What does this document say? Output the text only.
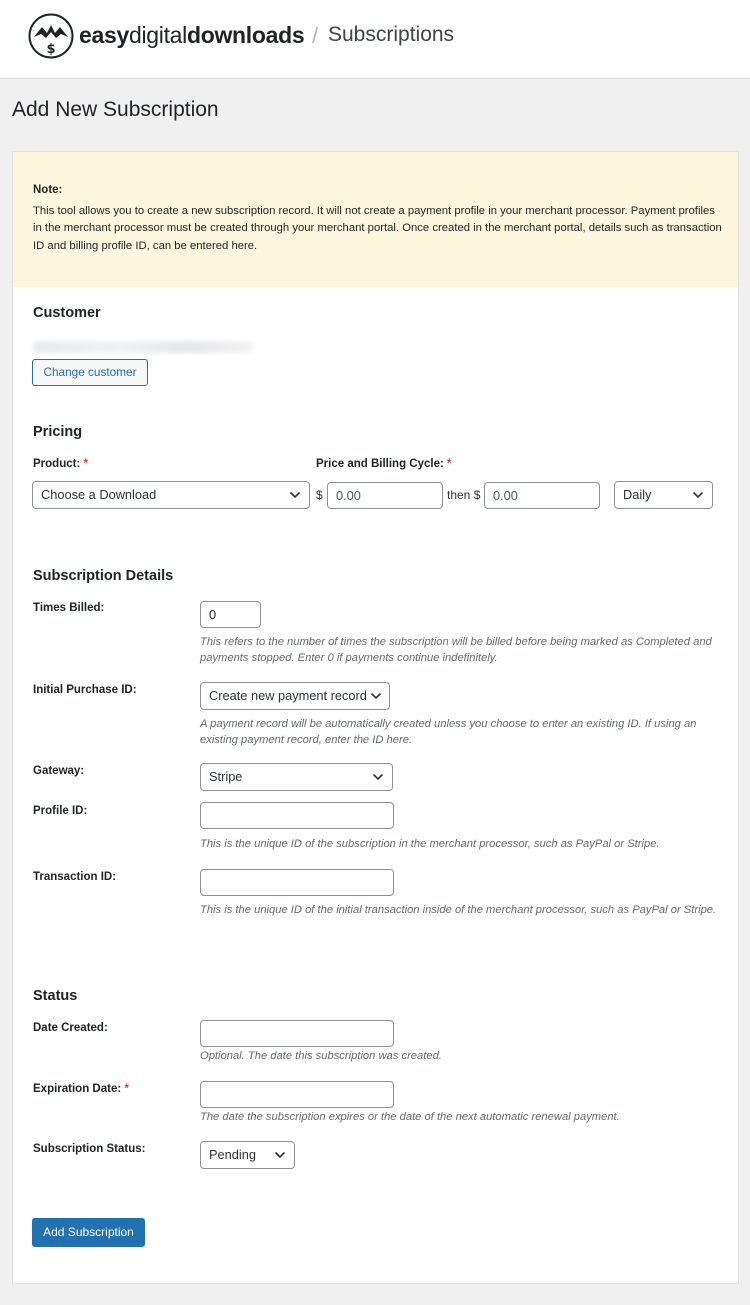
$
easydigitaldownloads / Subscriptions
Add New Subscription
Note:
This tool allows you to create a new subscription record. It will not create a payment profile in your merchant processor. Payment profiles in the merchant processor must be created through your merchant portal. Once created in the merchant portal, details such as transaction ID and billing profile ID, can be entered here.
Customer
Change customer
Pricing
Product: *
Choose a Download
Price and Billing Cycle: *
$	0.00	then $ 0.00	Daily
Subscription Details
Times Billed:	0
This refers to the number of times the subscription will be billed before being marked as Completed and payments stopped. Enter 0 if payments continue indefinitely.
Initial Purchase ID:	Create new payment record
A payment record will be automatically created unless you choose to enter an existing ID. If using an existing payment record, enter the ID here.
Gateway:	Stripe
Profile ID:
This is the unique ID of the subscription in the merchant processor, such as PayPal or Stripe.
Transaction ID:
This is the unique ID of the initial transaction inside of the merchant processor, such as PayPal or Stripe.
Status
Date Created:
Optional. The date this subscription was created.
Expiration Date: *
The date the subscription expires or the date of the next automatic renewal payment.
Subscription Status:	Pending
Add Subscription
